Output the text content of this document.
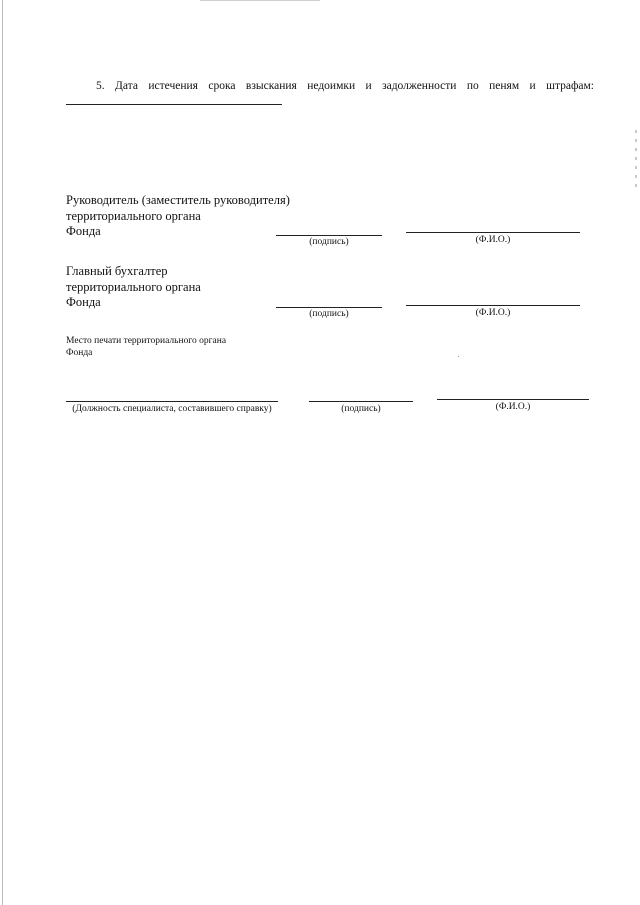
5. Дата истечения срока взыскания недоимки и задолженности по пеням и штрафам:
Руководитель (заместитель руководителя)
территориального органа
Фонда
(подпись)	(Ф.И.О.)
Главный бухгалтер
территориального органа
Фонда
(подпись)	(Ф.И.О.)
Место печати территориального органа
Фонда
(Должность специалиста, составившего справку)	(подпись)	(Ф.И.О.)
